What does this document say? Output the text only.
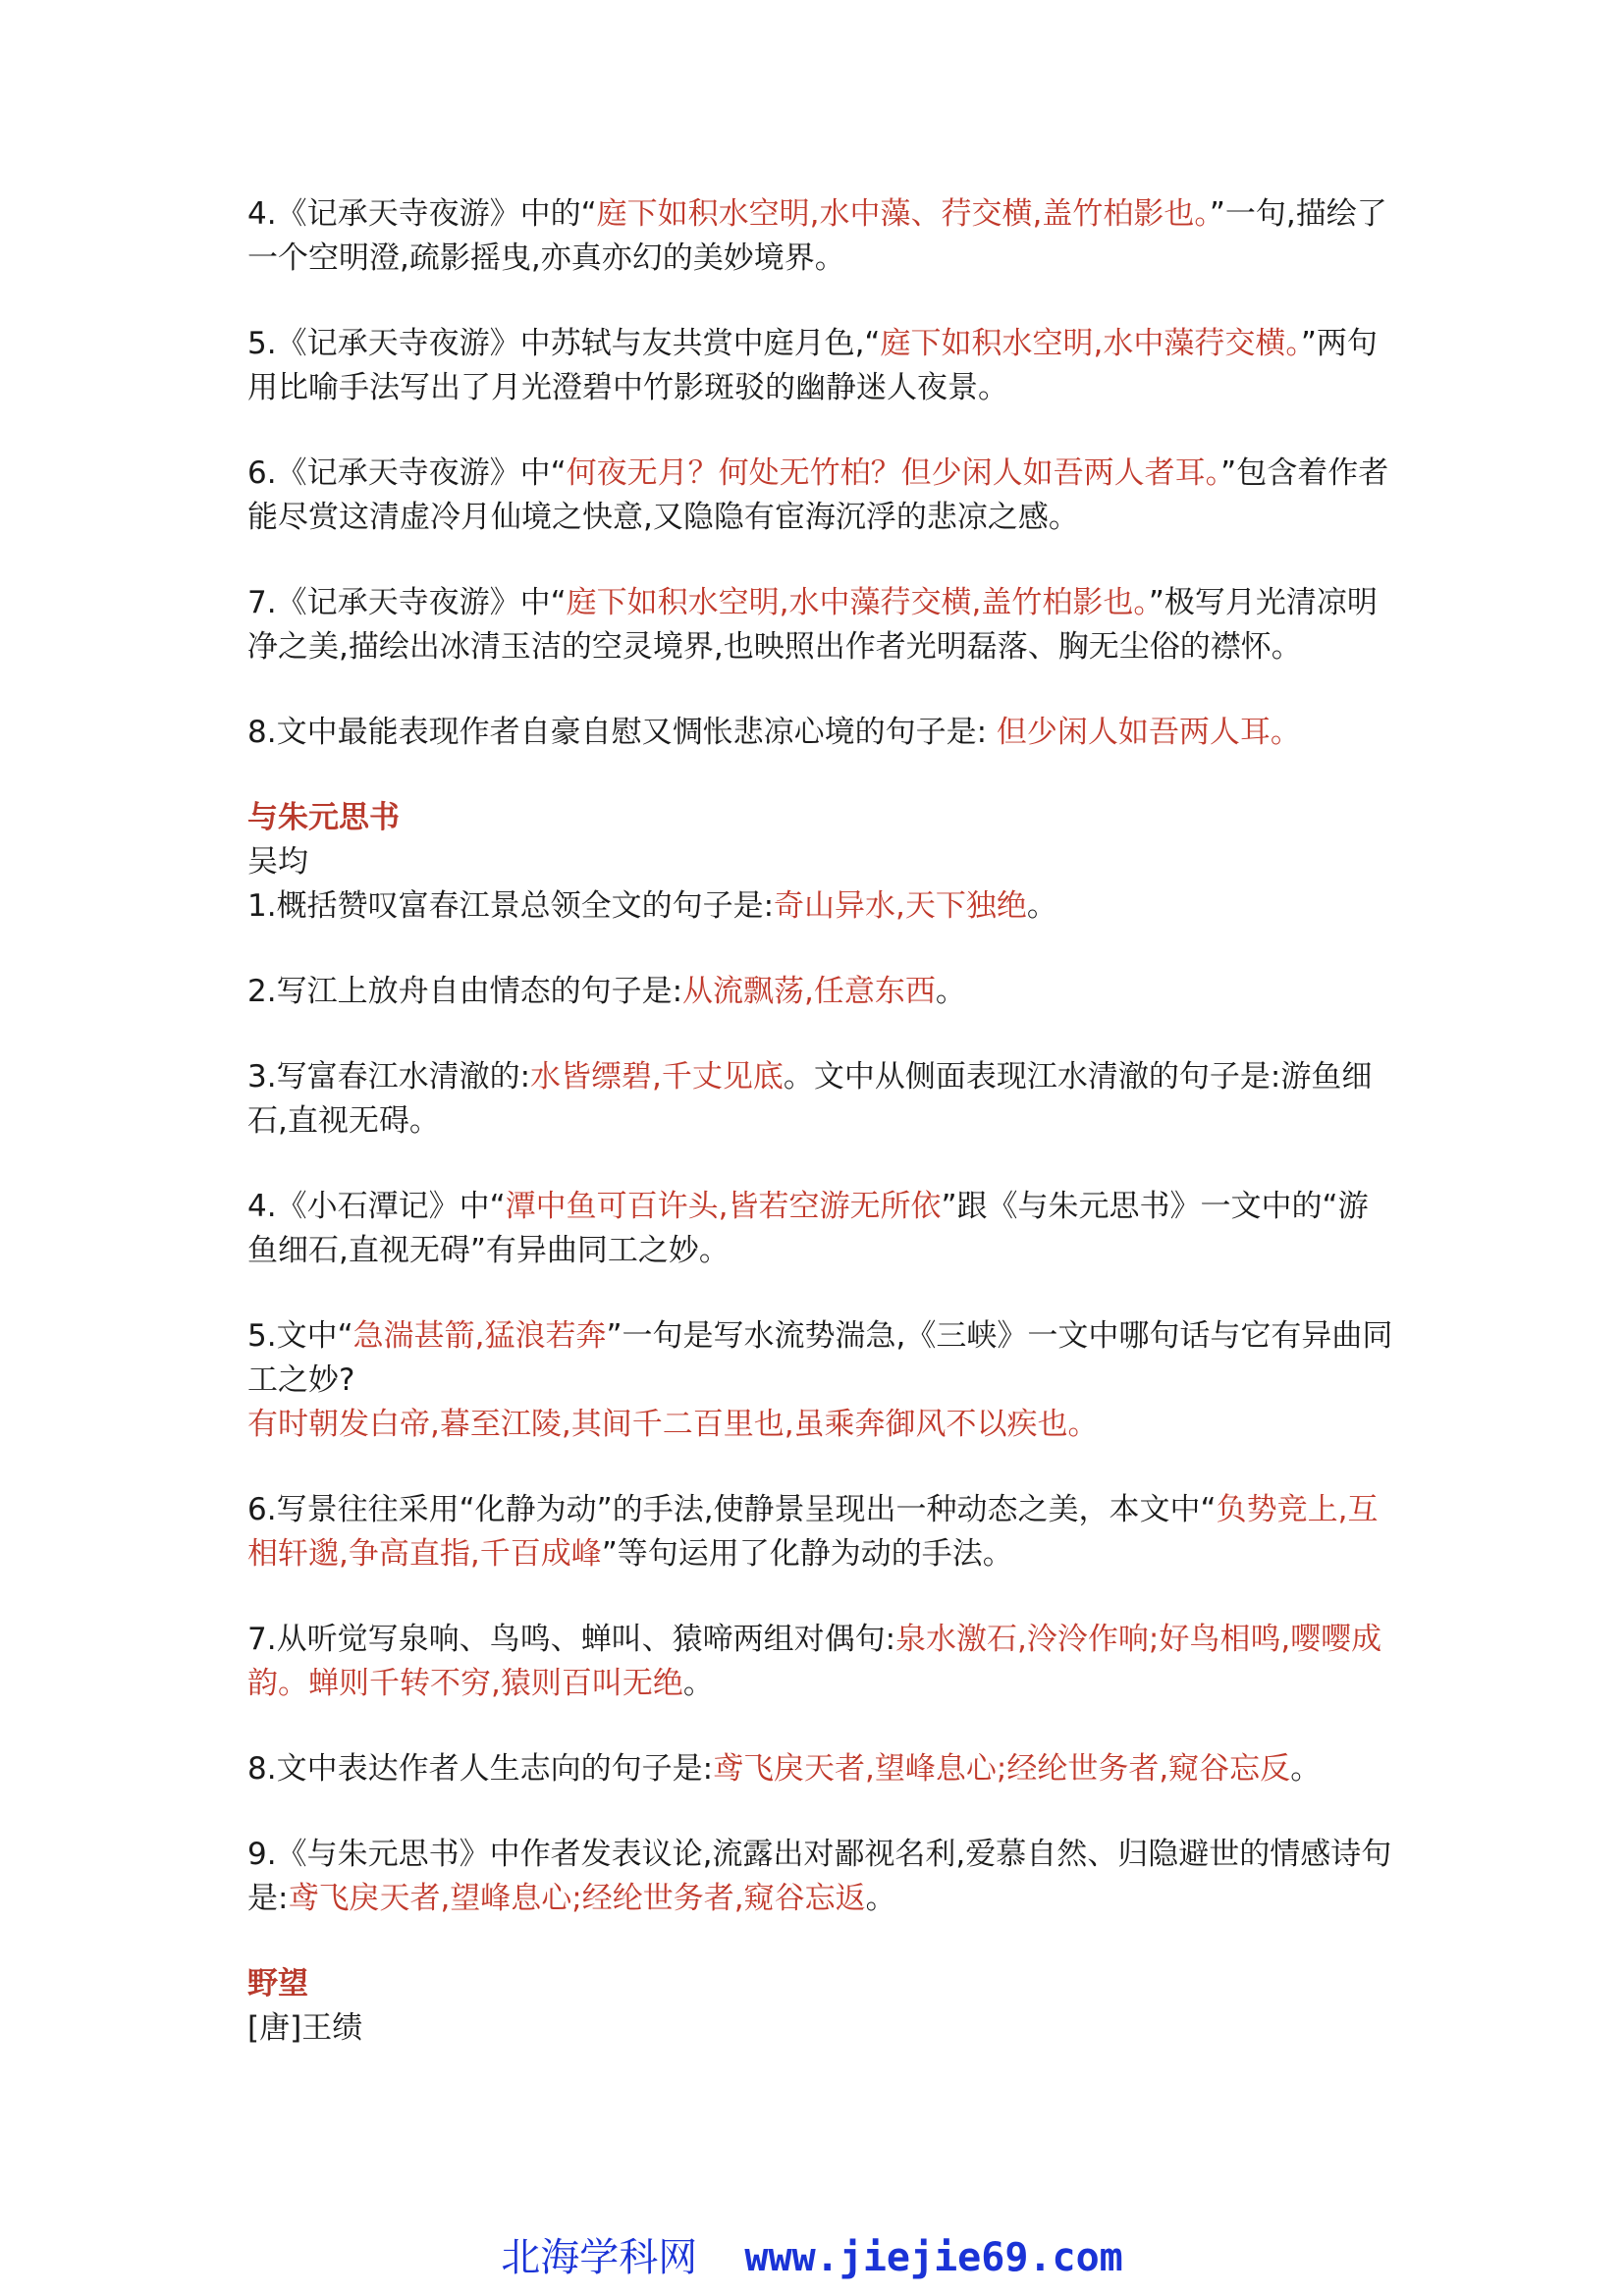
4.《记承天寺夜游》中的“庭下如积水空明,水中藻、荇交横,盖竹柏影也。”一句,描绘了一个空明澄,疏影摇曳,亦真亦幻的美妙境界。

5.《记承天寺夜游》中苏轼与友共赏中庭月色,“庭下如积水空明,水中藻荇交横。”两句用比喻手法写出了月光澄碧中竹影斑驳的幽静迷人夜景。

6.《记承天寺夜游》中“何夜无月？何处无竹柏？但少闲人如吾两人者耳。”包含着作者能尽赏这清虚冷月仙境之快意,又隐隐有宦海沉浮的悲凉之感。

7.《记承天寺夜游》中“庭下如积水空明,水中藻荇交横,盖竹柏影也。”极写月光清凉明净之美,描绘出冰清玉洁的空灵境界,也映照出作者光明磊落、胸无尘俗的襟怀。

8.文中最能表现作者自豪自慰又惆怅悲凉心境的句子是: 但少闲人如吾两人耳。

与朱元思书

吴均

1.概括赞叹富春江景总领全文的句子是:奇山异水,天下独绝。

2.写江上放舟自由情态的句子是:从流飘荡,任意东西。

3.写富春江水清澈的:水皆缥碧,千丈见底。文中从侧面表现江水清澈的句子是:游鱼细石,直视无碍。

4.《小石潭记》中“潭中鱼可百许头,皆若空游无所依”跟《与朱元思书》一文中的“游鱼细石,直视无碍”有异曲同工之妙。

5.文中“急湍甚箭,猛浪若奔”一句是写水流势湍急,《三峡》一文中哪句话与它有异曲同工之妙?

有时朝发白帝,暮至江陵,其间千二百里也,虽乘奔御风不以疾也。

6.写景往往采用“化静为动”的手法,使静景呈现出一种动态之美，本文中“负势竞上,互相轩邈,争高直指,千百成峰”等句运用了化静为动的手法。

7.从听觉写泉响、鸟鸣、蝉叫、猿啼两组对偶句:泉水激石,泠泠作响;好鸟相鸣,嘤嘤成韵。蝉则千转不穷,猿则百叫无绝。

8.文中表达作者人生志向的句子是:鸢飞戾天者,望峰息心;经纶世务者,窥谷忘反。

9.《与朱元思书》中作者发表议论,流露出对鄙视名利,爱慕自然、归隐避世的情感诗句是:鸢飞戾天者,望峰息心;经纶世务者,窥谷忘返。

野望

[唐]王绩

北海学科网 www.jiejie69.com
